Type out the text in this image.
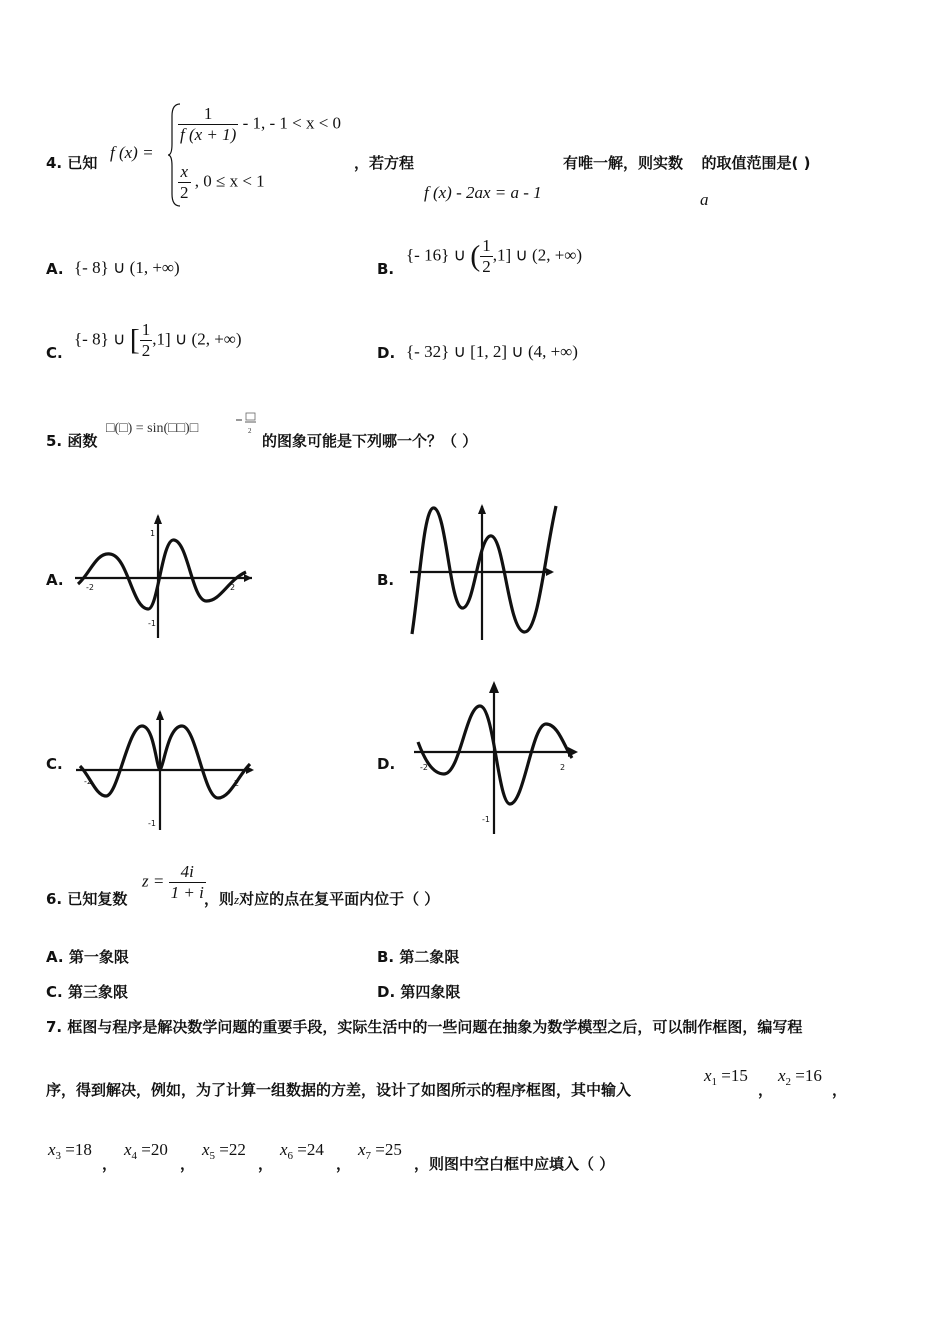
4. 已知
f (x) =
$\frac{1}{f (x + 1)} - 1$, - 1 < x < 0
$\frac{x}{2}$ , 0 ≤ x < 1
，若方程
f (x) - 2ax = a - 1
有唯一解，则实数 的取值范围是( )
a
A. {- 8} ∪ (1, +∞)	B.
{- 16} ∪ ( $\frac{1}{2} ,1$] ∪ (2, +∞)
C.
{- 8} ∪ [ $\frac{1}{2} ,1$] ∪ (2, +∞)
D. {- 32} ∪ [1, 2] ∪ (4, +∞)
5. 函数
□(□) = sin(□□)□	2
的图象可能是下列哪一个？（ ）
A.	B.
C.	D.
-2	2
1
-1
-2	2
-1
-2	2
-1
6. 已知复数
$z = \frac{4i}{1 + i}$
，则z对应的点在复平面内位于（ ）
A. 第一象限	B. 第二象限
C. 第三象限	D. 第四象限
7. 框图与程序是解决数学问题的重要手段，实际生活中的一些问题在抽象为数学模型之后，可以制作框图，编写程
序，得到解决，例如，为了计算一组数据的方差，设计了如图所示的程序框图，其中输入
$x_1 =15$
，
$x_2 =16$
，
$x_3 =18$
，
$x_4 =20$
，
$x_5 =22$
，
$x_6 =24$
，
$x_7 =25$
，则图中空白框中应填入（ ）
